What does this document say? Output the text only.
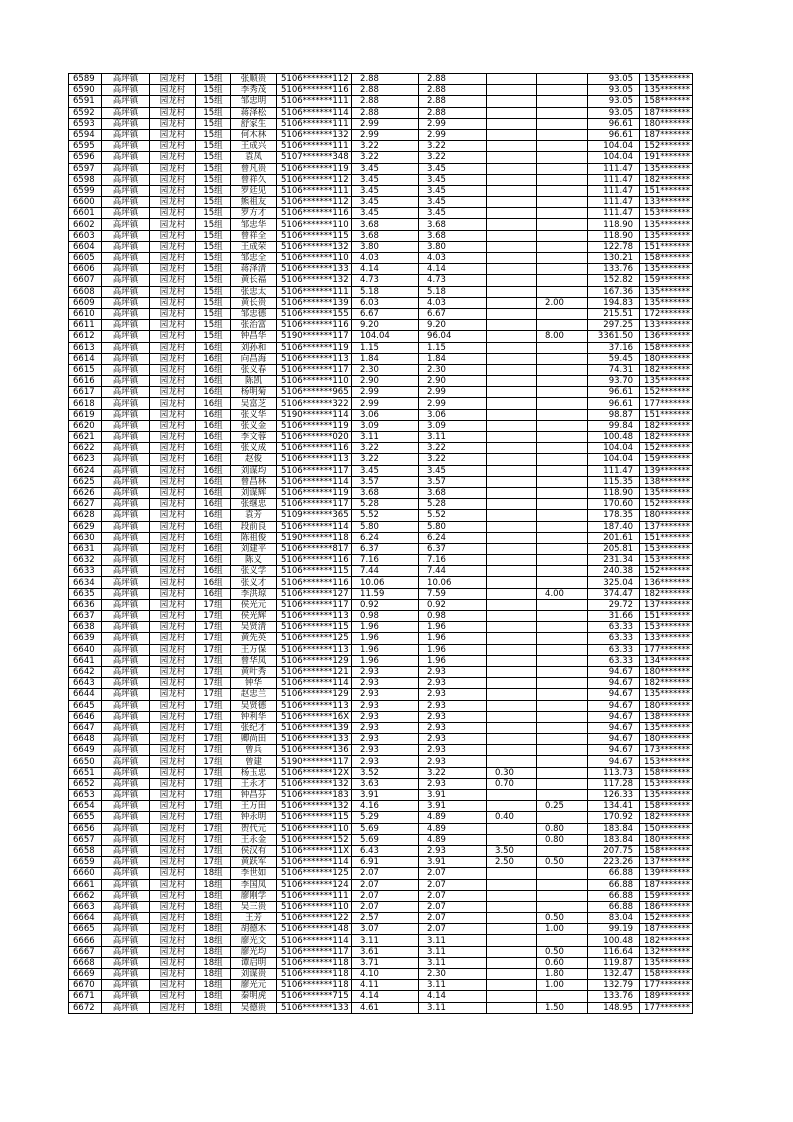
6589	高坪镇	园龙村	15组	张顺贵	5106*******112	2.88	2.88			93.05	135*******
6590	高坪镇	园龙村	15组	李秀茂	5106*******116	2.88	2.88			93.05	135*******
6591	高坪镇	园龙村	15组	邹忠明	5106*******111	2.88	2.88			93.05	158*******
6592	高坪镇	园龙村	15组	蒋泽松	5106*******114	2.88	2.88			93.05	187*******
6593	高坪镇	园龙村	15组	舒家生	5106*******111	2.99	2.99			96.61	180*******
6594	高坪镇	园龙村	15组	何木林	5106*******132	2.99	2.99			96.61	187*******
6595	高坪镇	园龙村	15组	王成兴	5106*******111	3.22	3.22			104.04	152*******
6596	高坪镇	园龙村	15组	袁凤	5107*******348	3.22	3.22			104.04	191*******
6597	高坪镇	园龙村	15组	曾凡贵	5106*******119	3.45	3.45			111.47	135*******
6598	高坪镇	园龙村	15组	曾祥久	5106*******112	3.45	3.45			111.47	182*******
6599	高坪镇	园龙村	15组	罗廷见	5106*******111	3.45	3.45			111.47	151*******
6600	高坪镇	园龙村	15组	熊祖友	5106*******112	3.45	3.45			111.47	133*******
6601	高坪镇	园龙村	15组	罗方才	5106*******116	3.45	3.45			111.47	153*******
6602	高坪镇	园龙村	15组	邹忠华	5106*******110	3.68	3.68			118.90	135*******
6603	高坪镇	园龙村	15组	曾祥全	5106*******115	3.68	3.68			118.90	135*******
6604	高坪镇	园龙村	15组	王成荣	5106*******132	3.80	3.80			122.78	151*******
6605	高坪镇	园龙村	15组	邹忠全	5106*******110	4.03	4.03			130.21	158*******
6606	高坪镇	园龙村	15组	蒋泽清	5106*******133	4.14	4.14			133.76	135*******
6607	高坪镇	园龙村	15组	黄长福	5106*******132	4.73	4.73			152.82	159*******
6608	高坪镇	园龙村	15组	张忠太	5106*******111	5.18	5.18			167.36	135*******
6609	高坪镇	园龙村	15组	黄长贵	5106*******139	6.03	4.03		2.00	194.83	135*******
6610	高坪镇	园龙村	15组	邹忠德	5106*******155	6.67	6.67			215.51	172*******
6611	高坪镇	园龙村	15组	张治富	5106*******116	9.20	9.20			297.25	133*******
6612	高坪镇	园龙村	15组	钟昌华	5190*******117	104.04	96.04		8.00	3361.50	136*******
6613	高坪镇	园龙村	16组	刘孙和	5106*******119	1.15	1.15			37.16	158*******
6614	高坪镇	园龙村	16组	向昌海	5106*******113	1.84	1.84			59.45	180*******
6615	高坪镇	园龙村	16组	张义春	5106*******117	2.30	2.30			74.31	182*******
6616	高坪镇	园龙村	16组	陈凯	5106*******110	2.90	2.90			93.70	135*******
6617	高坪镇	园龙村	16组	杨明菊	5106*******965	2.99	2.99			96.61	152*******
6618	高坪镇	园龙村	16组	吴富芝	5106*******322	2.99	2.99			96.61	177*******
6619	高坪镇	园龙村	16组	张义华	5190*******114	3.06	3.06			98.87	151*******
6620	高坪镇	园龙村	16组	张义金	5106*******119	3.09	3.09			99.84	182*******
6621	高坪镇	园龙村	16组	李文蓉	5106*******020	3.11	3.11			100.48	182*******
6622	高坪镇	园龙村	16组	张义成	5106*******116	3.22	3.22			104.04	152*******
6623	高坪镇	园龙村	16组	赵俊	5106*******113	3.22	3.22			104.04	159*******
6624	高坪镇	园龙村	16组	刘谋均	5106*******117	3.45	3.45			111.47	139*******
6625	高坪镇	园龙村	16组	曾昌林	5106*******114	3.57	3.57			115.35	138*******
6626	高坪镇	园龙村	16组	刘谋辉	5106*******119	3.68	3.68			118.90	135*******
6627	高坪镇	园龙村	16组	张继忠	5106*******117	5.28	5.28			170.60	152*******
6628	高坪镇	园龙村	16组	袁芳	5109*******365	5.52	5.52			178.35	180*******
6629	高坪镇	园龙村	16组	段前良	5106*******114	5.80	5.80			187.40	137*******
6630	高坪镇	园龙村	16组	陈祖俊	5190*******118	6.24	6.24			201.61	151*******
6631	高坪镇	园龙村	16组	刘建平	5106*******817	6.37	6.37			205.81	153*******
6632	高坪镇	园龙村	16组	陈义	5106*******116	7.16	7.16			231.34	153*******
6633	高坪镇	园龙村	16组	张义学	5106*******115	7.44	7.44			240.38	152*******
6634	高坪镇	园龙村	16组	张义才	5106*******116	10.06	10.06			325.04	136*******
6635	高坪镇	园龙村	16组	李洪琼	5106*******127	11.59	7.59		4.00	374.47	182*******
6636	高坪镇	园龙村	17组	侯光元	5106*******117	0.92	0.92			29.72	137*******
6637	高坪镇	园龙村	17组	侯光辉	5106*******113	0.98	0.98			31.66	151*******
6638	高坪镇	园龙村	17组	吴贤清	5106*******115	1.96	1.96			63.33	153*******
6639	高坪镇	园龙村	17组	黄先英	5106*******125	1.96	1.96			63.33	133*******
6640	高坪镇	园龙村	17组	王万保	5106*******113	1.96	1.96			63.33	177*******
6641	高坪镇	园龙村	17组	曾华凤	5106*******129	1.96	1.96			63.33	134*******
6642	高坪镇	园龙村	17组	黄叶秀	5106*******121	2.93	2.93			94.67	180*******
6643	高坪镇	园龙村	17组	钟华	5106*******114	2.93	2.93			94.67	182*******
6644	高坪镇	园龙村	17组	赵忠兰	5106*******129	2.93	2.93			94.67	135*******
6645	高坪镇	园龙村	17组	吴贤德	5106*******113	2.93	2.93			94.67	180*******
6646	高坪镇	园龙村	17组	钟利华	5106*******16X	2.93	2.93			94.67	138*******
6647	高坪镇	园龙村	17组	张纪才	5106*******139	2.93	2.93			94.67	135*******
6648	高坪镇	园龙村	17组	卿尚田	5106*******133	2.93	2.93			94.67	180*******
6649	高坪镇	园龙村	17组	曾兵	5106*******136	2.93	2.93			94.67	173*******
6650	高坪镇	园龙村	17组	曾建	5190*******117	2.93	2.93			94.67	153*******
6651	高坪镇	园龙村	17组	杨玉忠	5106*******12X	3.52	3.22	0.30		113.73	158*******
6652	高坪镇	园龙村	17组	王永才	5106*******132	3.63	2.93	0.70		117.28	153*******
6653	高坪镇	园龙村	17组	钟昌芬	5106*******183	3.91	3.91			126.33	135*******
6654	高坪镇	园龙村	17组	王万田	5106*******132	4.16	3.91		0.25	134.41	158*******
6655	高坪镇	园龙村	17组	钟永明	5106*******115	5.29	4.89	0.40		170.92	182*******
6656	高坪镇	园龙村	17组	贺代元	5106*******110	5.69	4.89		0.80	183.84	150*******
6657	高坪镇	园龙村	17组	王永金	5106*******152	5.69	4.89		0.80	183.84	180*******
6658	高坪镇	园龙村	17组	侯汉有	5106*******11X	6.43	2.93	3.50		207.75	158*******
6659	高坪镇	园龙村	17组	黄跃军	5106*******114	6.91	3.91	2.50	0.50	223.26	137*******
6660	高坪镇	园龙村	18组	李世如	5106*******125	2.07	2.07			66.88	139*******
6661	高坪镇	园龙村	18组	李国凤	5106*******124	2.07	2.07			66.88	187*******
6662	高坪镇	园龙村	18组	廖刚学	5106*******111	2.07	2.07			66.88	159*******
6663	高坪镇	园龙村	18组	吴三贵	5106*******110	2.07	2.07			66.88	186*******
6664	高坪镇	园龙村	18组	王芳	5106*******122	2.57	2.07		0.50	83.04	152*******
6665	高坪镇	园龙村	18组	胡德木	5106*******148	3.07	2.07		1.00	99.19	187*******
6666	高坪镇	园龙村	18组	廖光文	5106*******114	3.11	3.11			100.48	182*******
6667	高坪镇	园龙村	18组	廖光均	5106*******117	3.61	3.11		0.50	116.64	132*******
6668	高坪镇	园龙村	18组	谭启明	5106*******118	3.71	3.11		0.60	119.87	135*******
6669	高坪镇	园龙村	18组	刘谋贵	5106*******118	4.10	2.30		1.80	132.47	158*******
6670	高坪镇	园龙村	18组	廖光元	5106*******118	4.11	3.11		1.00	132.79	177*******
6671	高坪镇	园龙村	18组	秦明虎	5106*******715	4.14	4.14			133.76	189*******
6672	高坪镇	园龙村	18组	吴德贵	5106*******133	4.61	3.11		1.50	148.95	177*******
